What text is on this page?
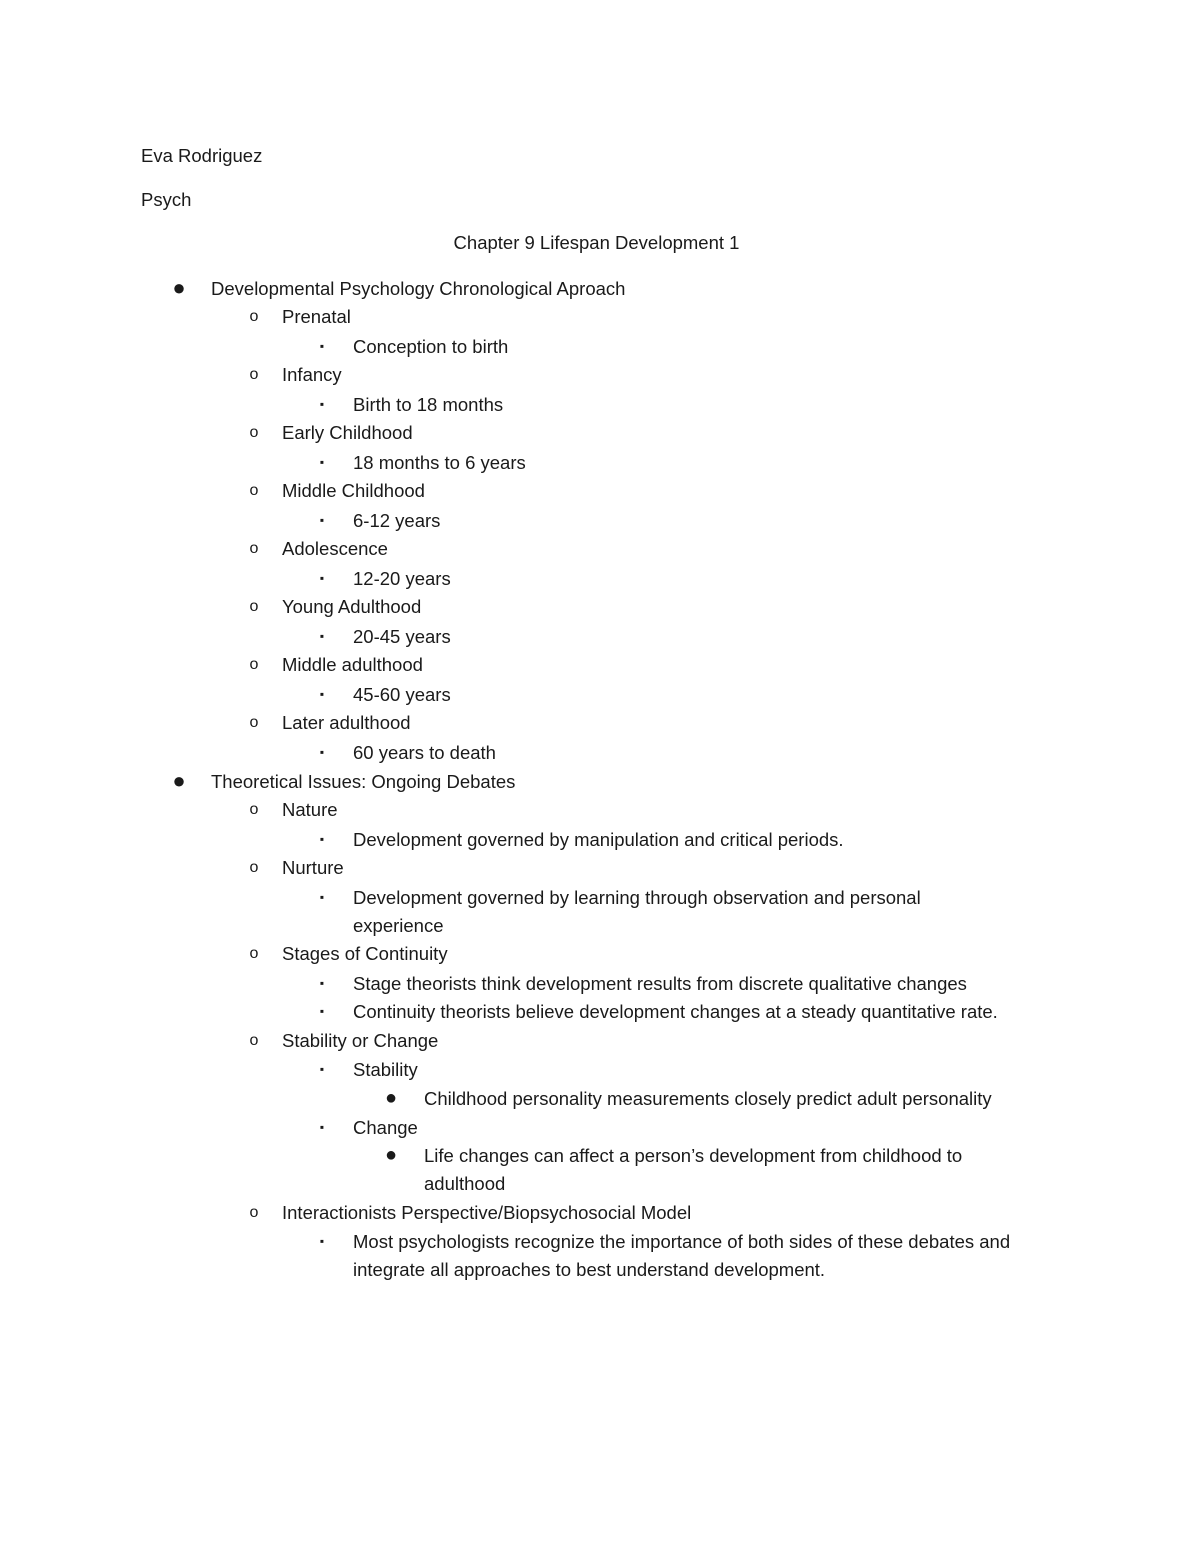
Eva Rodriguez
Psych
Chapter 9 Lifespan Development 1
● Developmental Psychology Chronological Aproach
o Prenatal
▪ Conception to birth
o Infancy
▪ Birth to 18 months
o Early Childhood
▪ 18 months to 6 years
o Middle Childhood
▪ 6-12 years
o Adolescence
▪ 12-20 years
o Young Adulthood
▪ 20-45 years
o Middle adulthood
▪ 45-60 years
o Later adulthood
▪ 60 years to death
● Theoretical Issues: Ongoing Debates
o Nature
▪ Development governed by manipulation and critical periods.
o Nurture
▪ Development governed by learning through observation and personal
experience
o Stages of Continuity
▪ Stage theorists think development results from discrete qualitative changes
▪ Continuity theorists believe development changes at a steady quantitative rate.
o Stability or Change
▪ Stability
● Childhood personality measurements closely predict adult personality
▪ Change
● Life changes can affect a person’s development from childhood to
adulthood
o Interactionists Perspective/Biopsychosocial Model
▪ Most psychologists recognize the importance of both sides of these debates and
integrate all approaches to best understand development.
